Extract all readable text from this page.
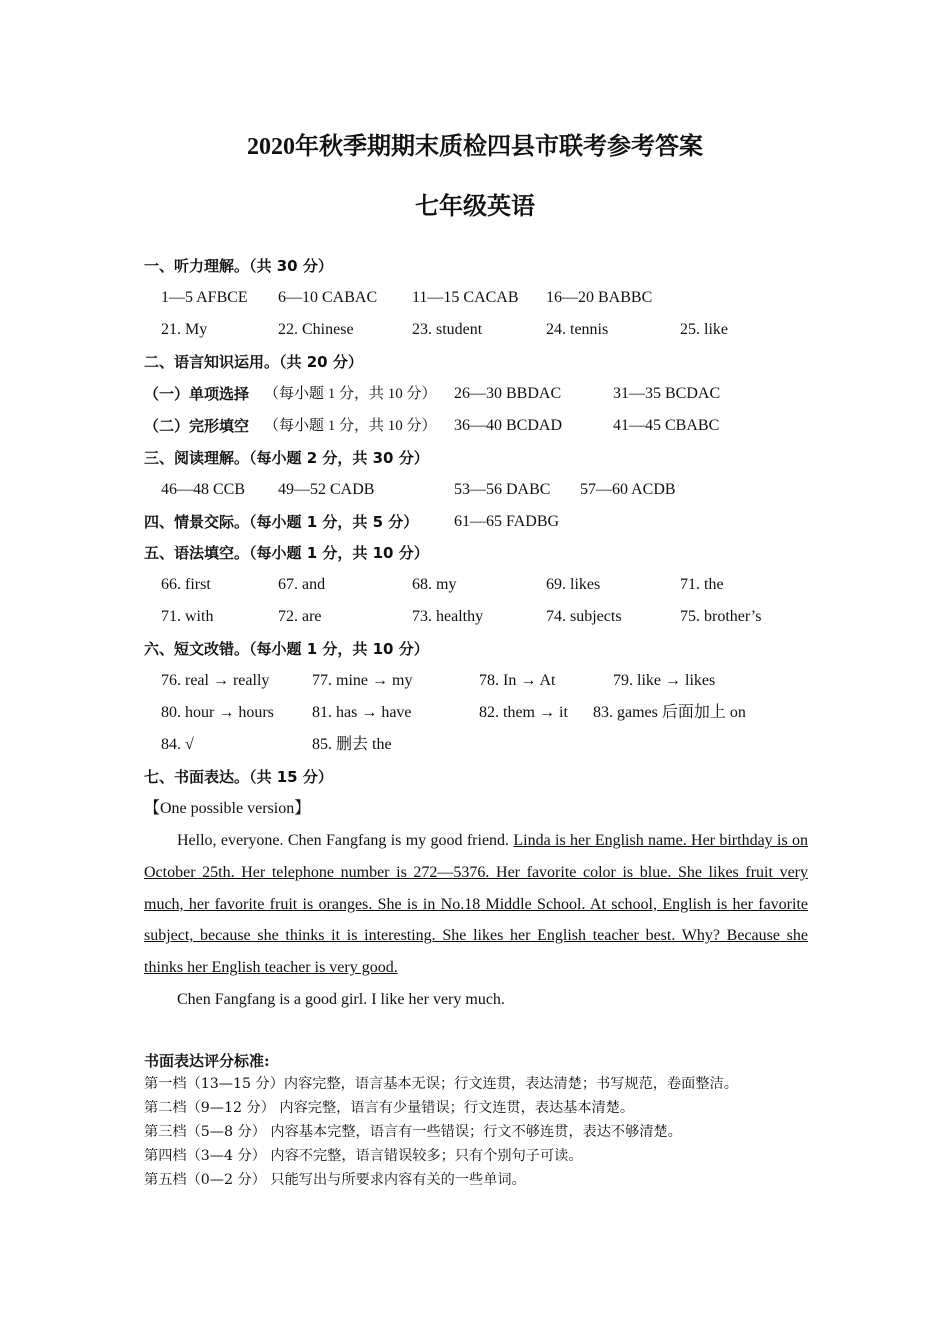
2020年秋季期期末质检四县市联考参考答案
七年级英语
一、听力理解。（共 30 分）
1—5 AFBCE 6—10 CABAC 11—15 CACAB 16—20 BABBC
21. My	22. Chinese	23. student	24. tennis	25. like
二、语言知识运用。（共 20 分）
（一）单项选择 （每小题 1 分，共 10 分） 26—30 BBDAC	31—35 BCDAC
（二）完形填空 （每小题 1 分，共 10 分） 36—40 BCDAD	41—45 CBABC
三、阅读理解。（每小题 2 分，共 30 分）
46—48 CCB 49—52 CADB	53—56 DABC 57—60 ACDB
四、情景交际。（每小题 1 分，共 5 分） 61—65 FADBG
五、语法填空。（每小题 1 分，共 10 分）
66. first	67. and	68. my	69. likes	71. the
71. with	72. are	73. healthy	74. subjects	75. brother’s
六、短文改错。（每小题 1 分，共 10 分）
76. real → really	77. mine → my	78. In → At	79. like → likes
80. hour → hours 81. has → have	82. them → it 83. games 后面加上 on
84. √	85. 删去 the
七、书面表达。（共 15 分）
【One possible version】
Hello, everyone. Chen Fangfang is my good friend. Linda is her English name. Her birthday is on October 25th. Her telephone number is 272—5376. Her favorite color is blue. She likes fruit very much, her favorite fruit is oranges. She is in No.18 Middle School. At school, English is her favorite subject, because she thinks it is interesting. She likes her English teacher best. Why? Because she thinks her English teacher is very good.
Chen Fangfang is a good girl. I like her very much.
书面表达评分标准:
第一档（13—15 分）内容完整，语言基本无误；行文连贯，表达清楚；书写规范，卷面整洁。
第二档（9—12 分） 内容完整，语言有少量错误；行文连贯，表达基本清楚。
第三档（5—8 分） 内容基本完整，语言有一些错误；行文不够连贯，表达不够清楚。
第四档（3—4 分） 内容不完整，语言错误较多；只有个别句子可读。
第五档（0—2 分） 只能写出与所要求内容有关的一些单词。
